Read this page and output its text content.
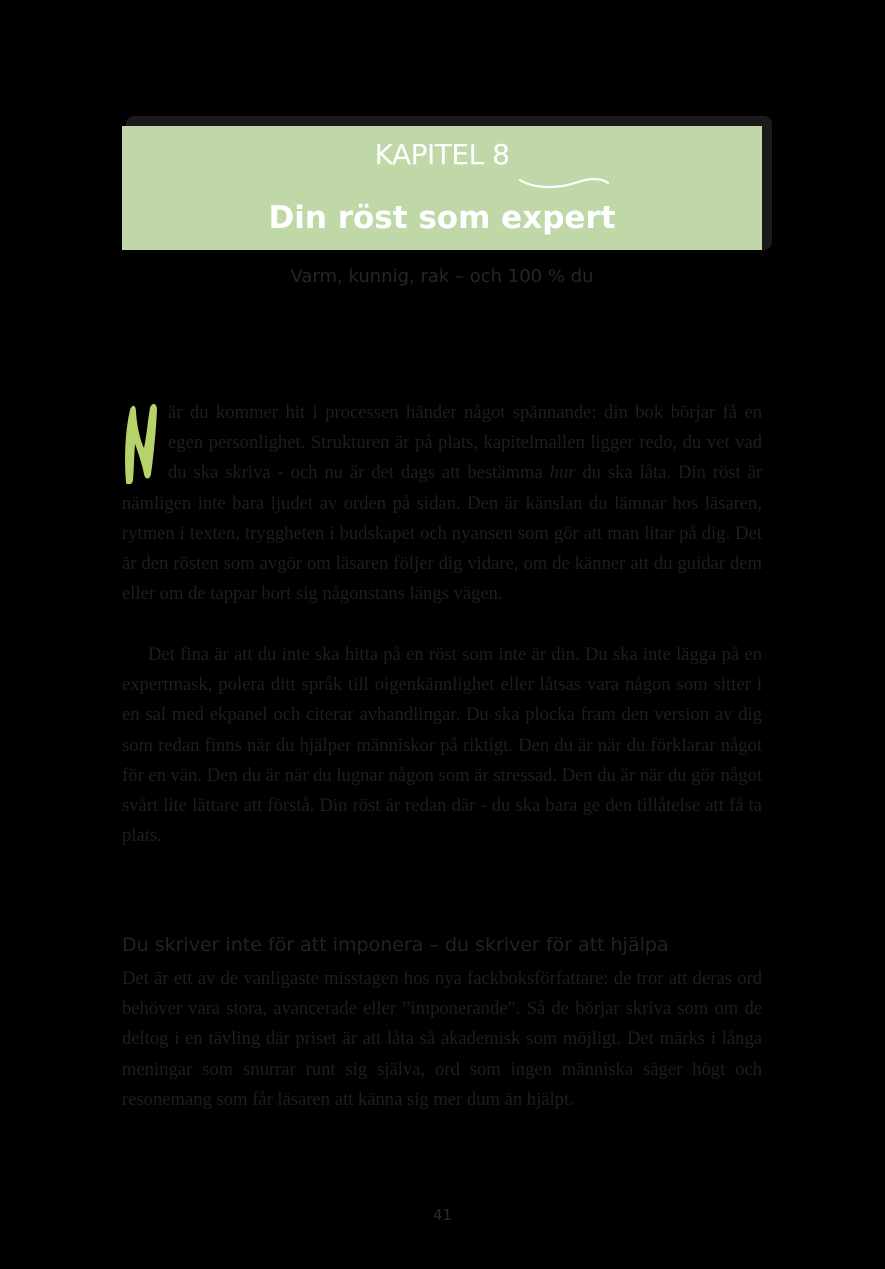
KAPITEL 8
Din röst som expert
Varm, kunnig, rak – och 100 % du

är du kommer hit i processen händer något spännande: din bok börjar få en egen personlighet. Strukturen är på plats, kapitelmallen ligger redo, du vet vad du ska skriva - och nu är det dags att bestämma hur du ska låta. Din röst är nämligen inte bara ljudet av orden på sidan. Den är känslan du lämnar hos läsaren, rytmen i texten, tryggheten i budskapet och nyansen som gör att man litar på dig. Det är den rösten som avgör om läsaren följer dig vidare, om de känner att du guidar dem eller om de tappar bort sig någonstans längs vägen.

Det fina är att du inte ska hitta på en röst som inte är din. Du ska inte lägga på en expertmask, polera ditt språk till oigenkännlighet eller låtsas vara någon som sitter i en sal med ekpanel och citerar avhandlingar. Du ska plocka fram den version av dig som redan finns när du hjälper människor på riktigt. Den du är när du förklarar något för en vän. Den du är när du lugnar någon som är stressad. Den du är när du gör något svårt lite lättare att förstå. Din röst är redan där - du ska bara ge den tillåtelse att få ta plats.

Du skriver inte för att imponera – du skriver för att hjälpa

Det är ett av de vanligaste misstagen hos nya fackboksförfattare: de tror att deras ord behöver vara stora, avancerade eller ”imponerande”. Så de börjar skriva som om de deltog i en tävling där priset är att låta så akademisk som möjligt. Det märks i långa meningar som snurrar runt sig själva, ord som ingen människa säger högt och resonemang som får läsaren att känna sig mer dum än hjälpt.

41
